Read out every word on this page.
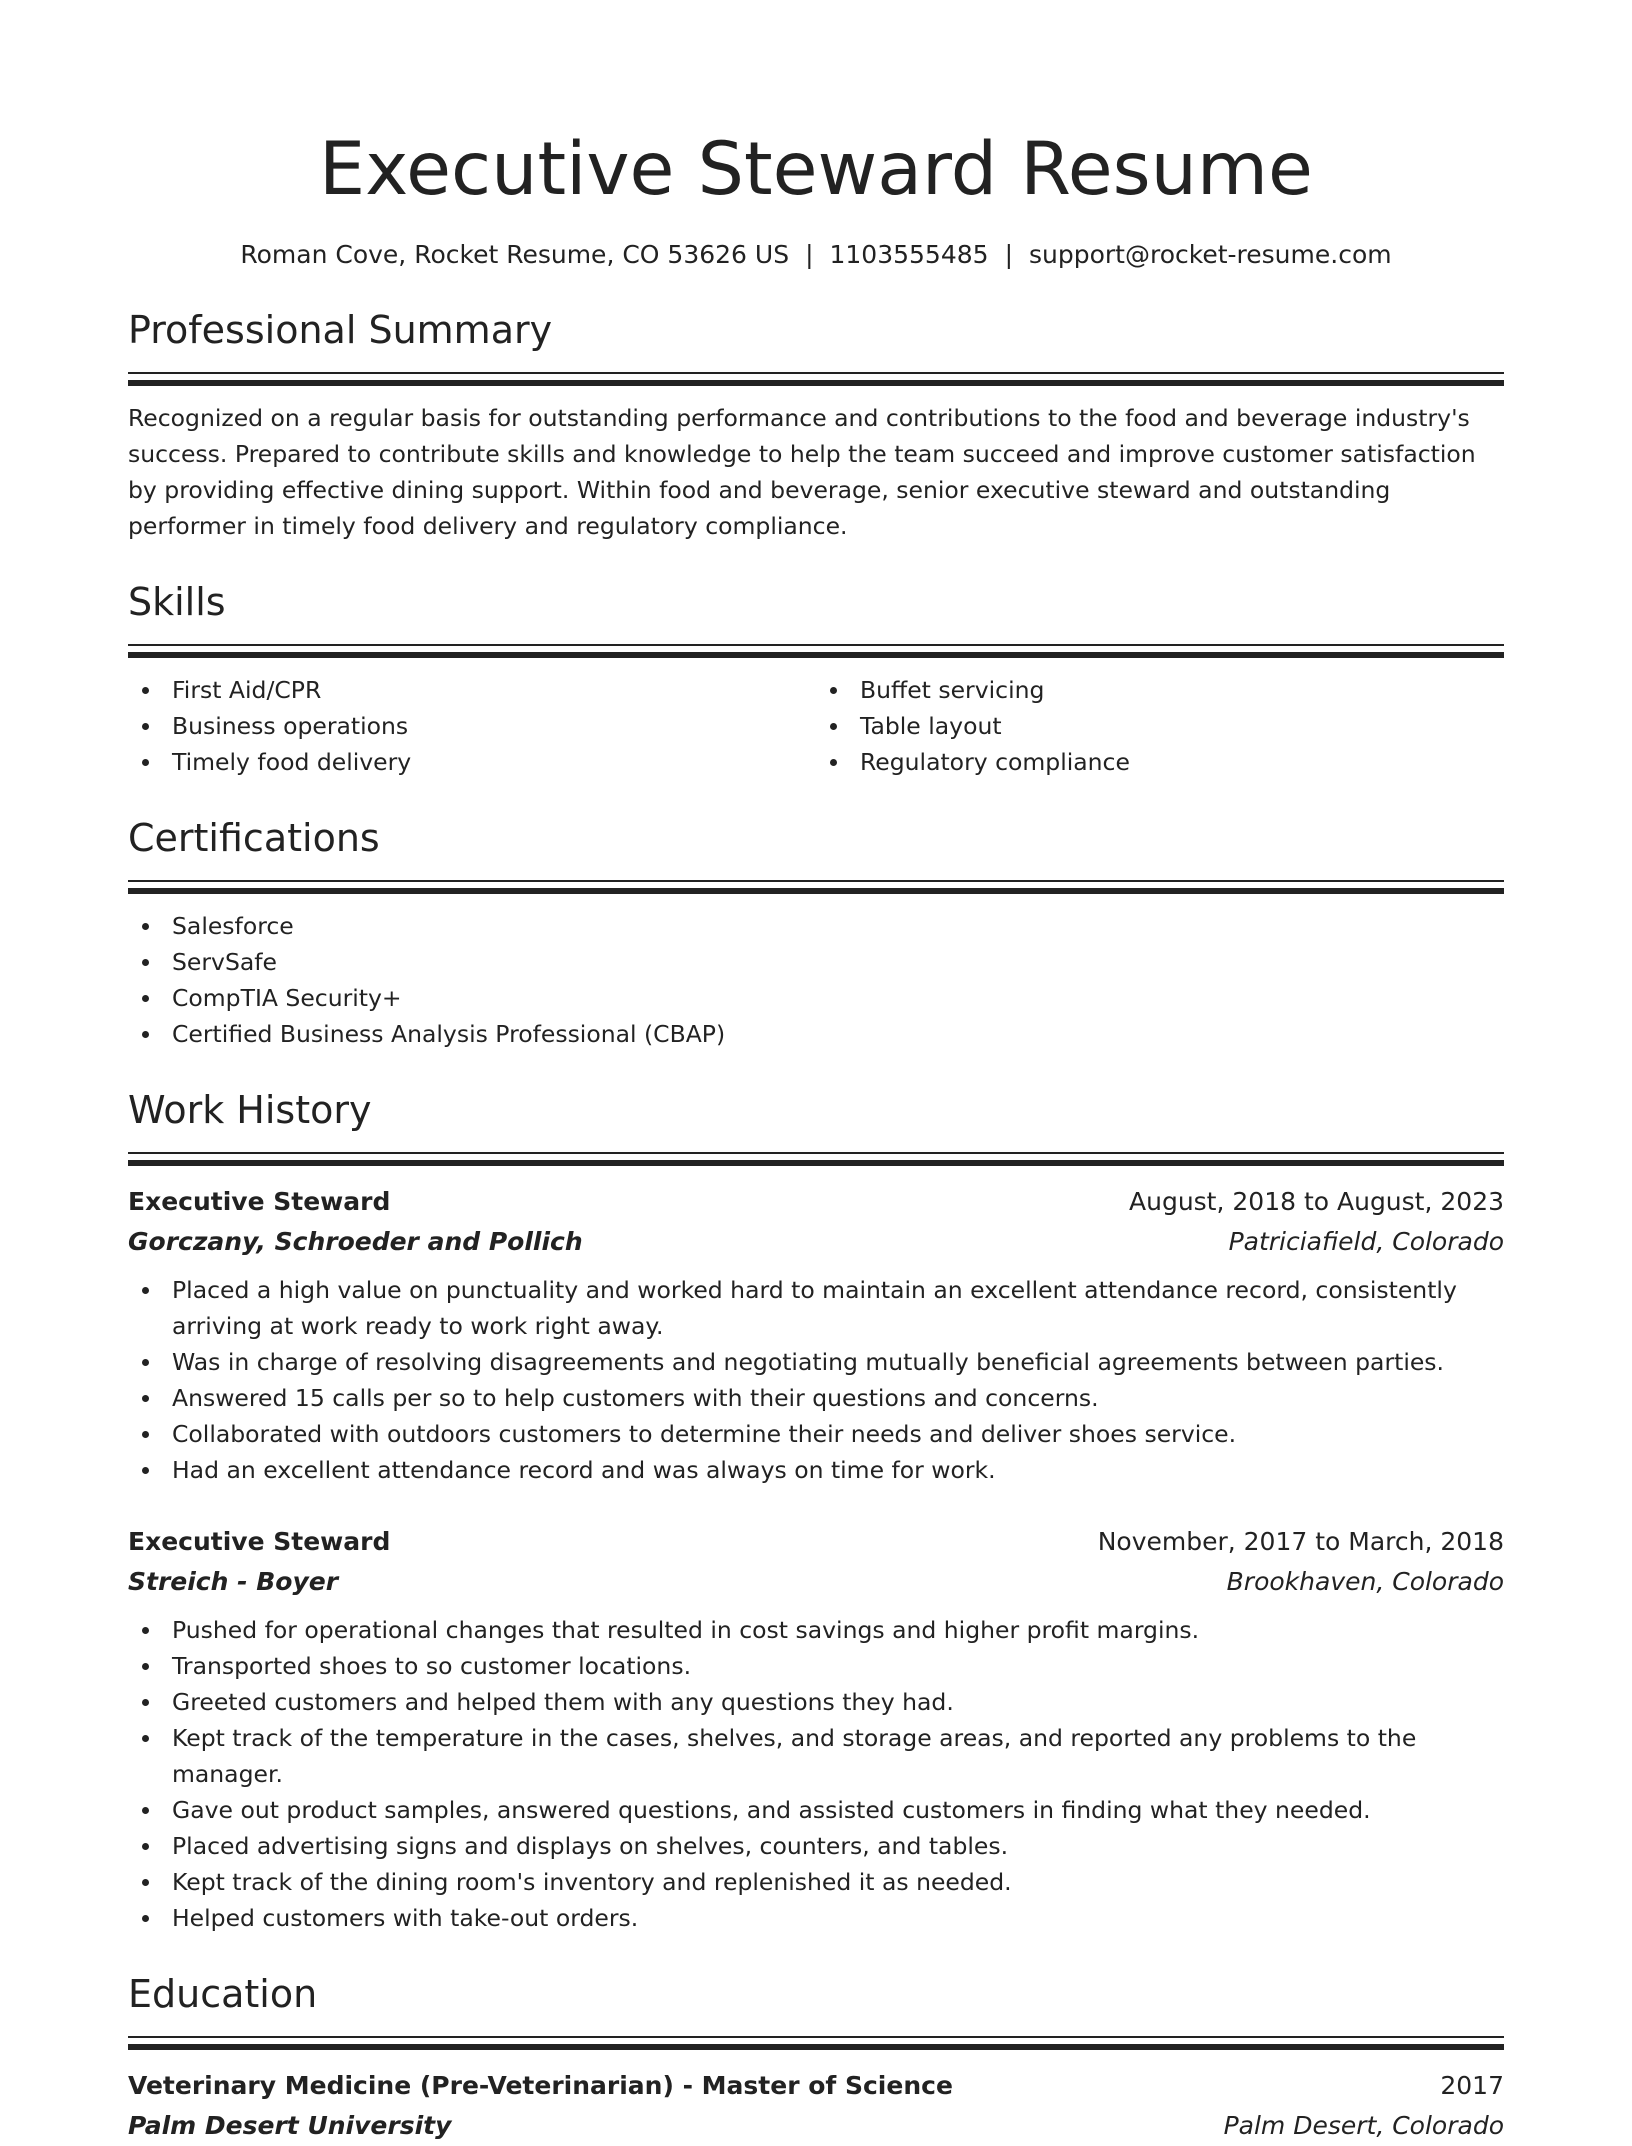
Executive Steward Resume
Roman Cove, Rocket Resume, CO 53626 US | 1103555485 | support@rocket-resume.com
Professional Summary
Recognized on a regular basis for outstanding performance and contributions to the food and beverage industry's success. Prepared to contribute skills and knowledge to help the team succeed and improve customer satisfaction by providing effective dining support. Within food and beverage, senior executive steward and outstanding performer in timely food delivery and regulatory compliance.
Skills
First Aid/CPR
Business operations
Timely food delivery
Buffet servicing
Table layout
Regulatory compliance
Certifications
Salesforce
ServSafe
CompTIA Security+
Certified Business Analysis Professional (CBAP)
Work History
Executive Steward	August, 2018 to August, 2023
Gorczany, Schroeder and Pollich	Patriciafield, Colorado
Placed a high value on punctuality and worked hard to maintain an excellent attendance record, consistently arriving at work ready to work right away.
Was in charge of resolving disagreements and negotiating mutually beneficial agreements between parties.
Answered 15 calls per so to help customers with their questions and concerns.
Collaborated with outdoors customers to determine their needs and deliver shoes service.
Had an excellent attendance record and was always on time for work.
Executive Steward	November, 2017 to March, 2018
Streich - Boyer	Brookhaven, Colorado
Pushed for operational changes that resulted in cost savings and higher profit margins.
Transported shoes to so customer locations.
Greeted customers and helped them with any questions they had.
Kept track of the temperature in the cases, shelves, and storage areas, and reported any problems to the manager.
Gave out product samples, answered questions, and assisted customers in finding what they needed.
Placed advertising signs and displays on shelves, counters, and tables.
Kept track of the dining room's inventory and replenished it as needed.
Helped customers with take-out orders.
Education
Veterinary Medicine (Pre-Veterinarian) - Master of Science	2017
Palm Desert University	Palm Desert, Colorado
